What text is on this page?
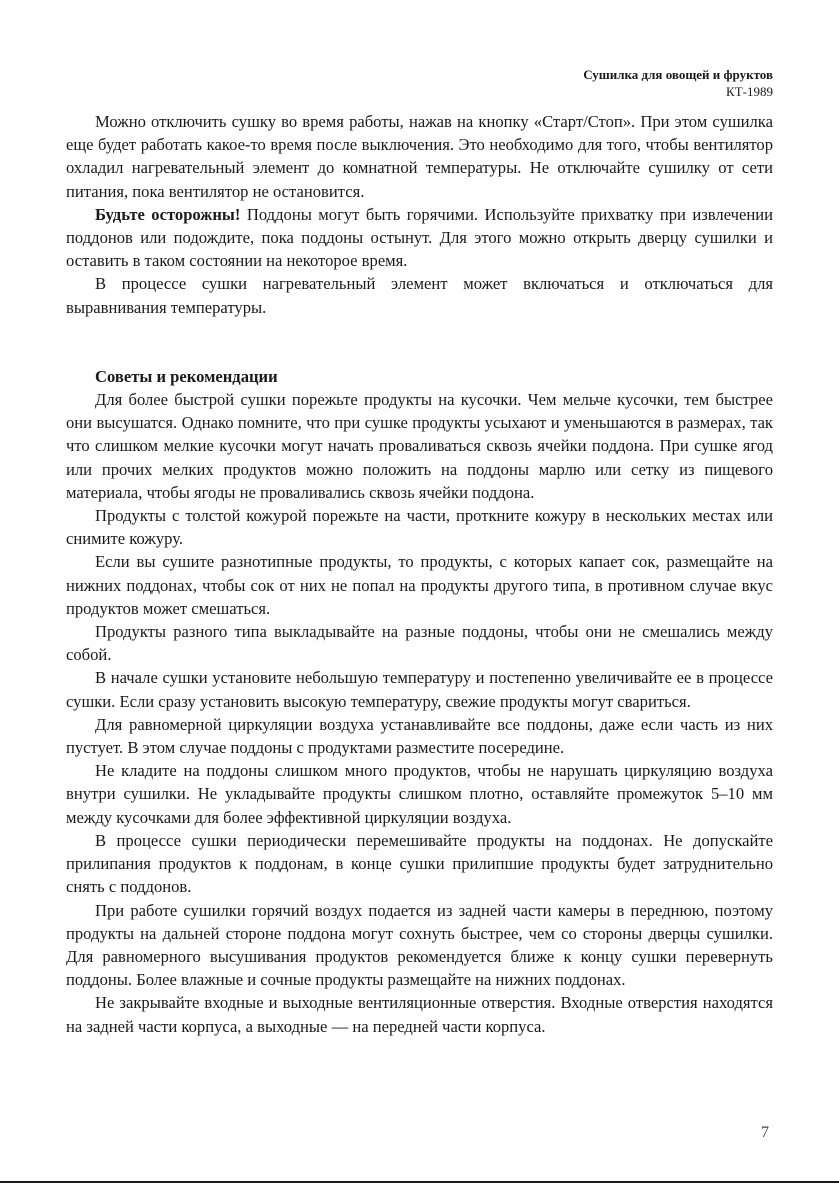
Сушилка для овощей и фруктов
КТ-1989

Можно отключить сушку во время работы, нажав на кнопку «Старт/Стоп». При этом сушилка еще будет работать какое-то время после выключения. Это необходимо для того, чтобы вентилятор охладил нагревательный элемент до комнатной температуры. Не отключайте сушилку от сети питания, пока вентилятор не остановится.

Будьте осторожны! Поддоны могут быть горячими. Используйте прихватку при извлечении поддонов или подождите, пока поддоны остынут. Для этого можно открыть дверцу сушилки и оставить в таком состоянии на некоторое время.

В процессе сушки нагревательный элемент может включаться и отключаться для выравнивания температуры.

Советы и рекомендации

Для более быстрой сушки порежьте продукты на кусочки. Чем мельче кусочки, тем быстрее они высушатся. Однако помните, что при сушке продукты усыхают и уменьшаются в размерах, так что слишком мелкие кусочки могут начать проваливаться сквозь ячейки поддона. При сушке ягод или прочих мелких продуктов можно положить на поддоны марлю или сетку из пищевого материала, чтобы ягоды не проваливались сквозь ячейки поддона.

Продукты с толстой кожурой порежьте на части, проткните кожуру в нескольких местах или снимите кожуру.

Если вы сушите разнотипные продукты, то продукты, с которых капает сок, размещайте на нижних поддонах, чтобы сок от них не попал на продукты другого типа, в противном случае вкус продуктов может смешаться.

Продукты разного типа выкладывайте на разные поддоны, чтобы они не смешались между собой.

В начале сушки установите небольшую температуру и постепенно увеличивайте ее в процессе сушки. Если сразу установить высокую температуру, свежие продукты могут свариться.

Для равномерной циркуляции воздуха устанавливайте все поддоны, даже если часть из них пустует. В этом случае поддоны с продуктами разместите посередине.

Не кладите на поддоны слишком много продуктов, чтобы не нарушать циркуляцию воздуха внутри сушилки. Не укладывайте продукты слишком плотно, оставляйте промежуток 5–10 мм между кусочками для более эффективной циркуляции воздуха.

В процессе сушки периодически перемешивайте продукты на поддонах. Не допускайте прилипания продуктов к поддонам, в конце сушки прилипшие продукты будет затруднительно снять с поддонов.

При работе сушилки горячий воздух подается из задней части камеры в переднюю, поэтому продукты на дальней стороне поддона могут сохнуть быстрее, чем со стороны дверцы сушилки. Для равномерного высушивания продуктов рекомендуется ближе к концу сушки перевернуть поддоны. Более влажные и сочные продукты размещайте на нижних поддонах.

Не закрывайте входные и выходные вентиляционные отверстия. Входные отверстия находятся на задней части корпуса, а выходные — на передней части корпуса.

7
